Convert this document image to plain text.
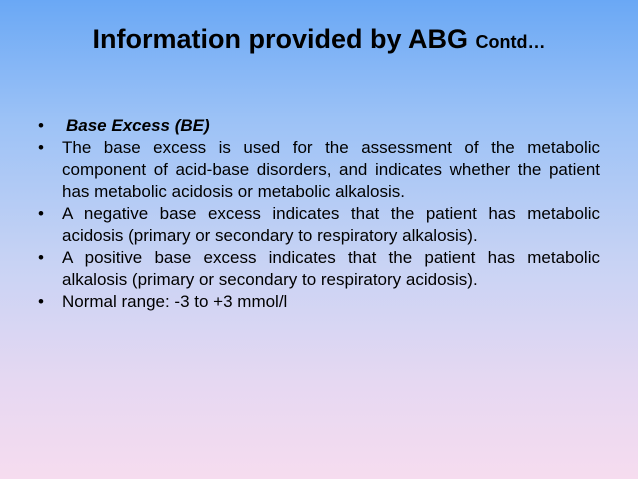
Information provided by ABG Contd…
•	Base Excess (BE)
•	The base excess is used for the assessment of the metabolic component of acid-base disorders, and indicates whether the patient has metabolic acidosis or metabolic alkalosis.
•	A negative base excess indicates that the patient has metabolic acidosis (primary or secondary to respiratory alkalosis).
•	A positive base excess indicates that the patient has metabolic alkalosis (primary or secondary to respiratory acidosis).
•	Normal range: -3 to +3 mmol/l
